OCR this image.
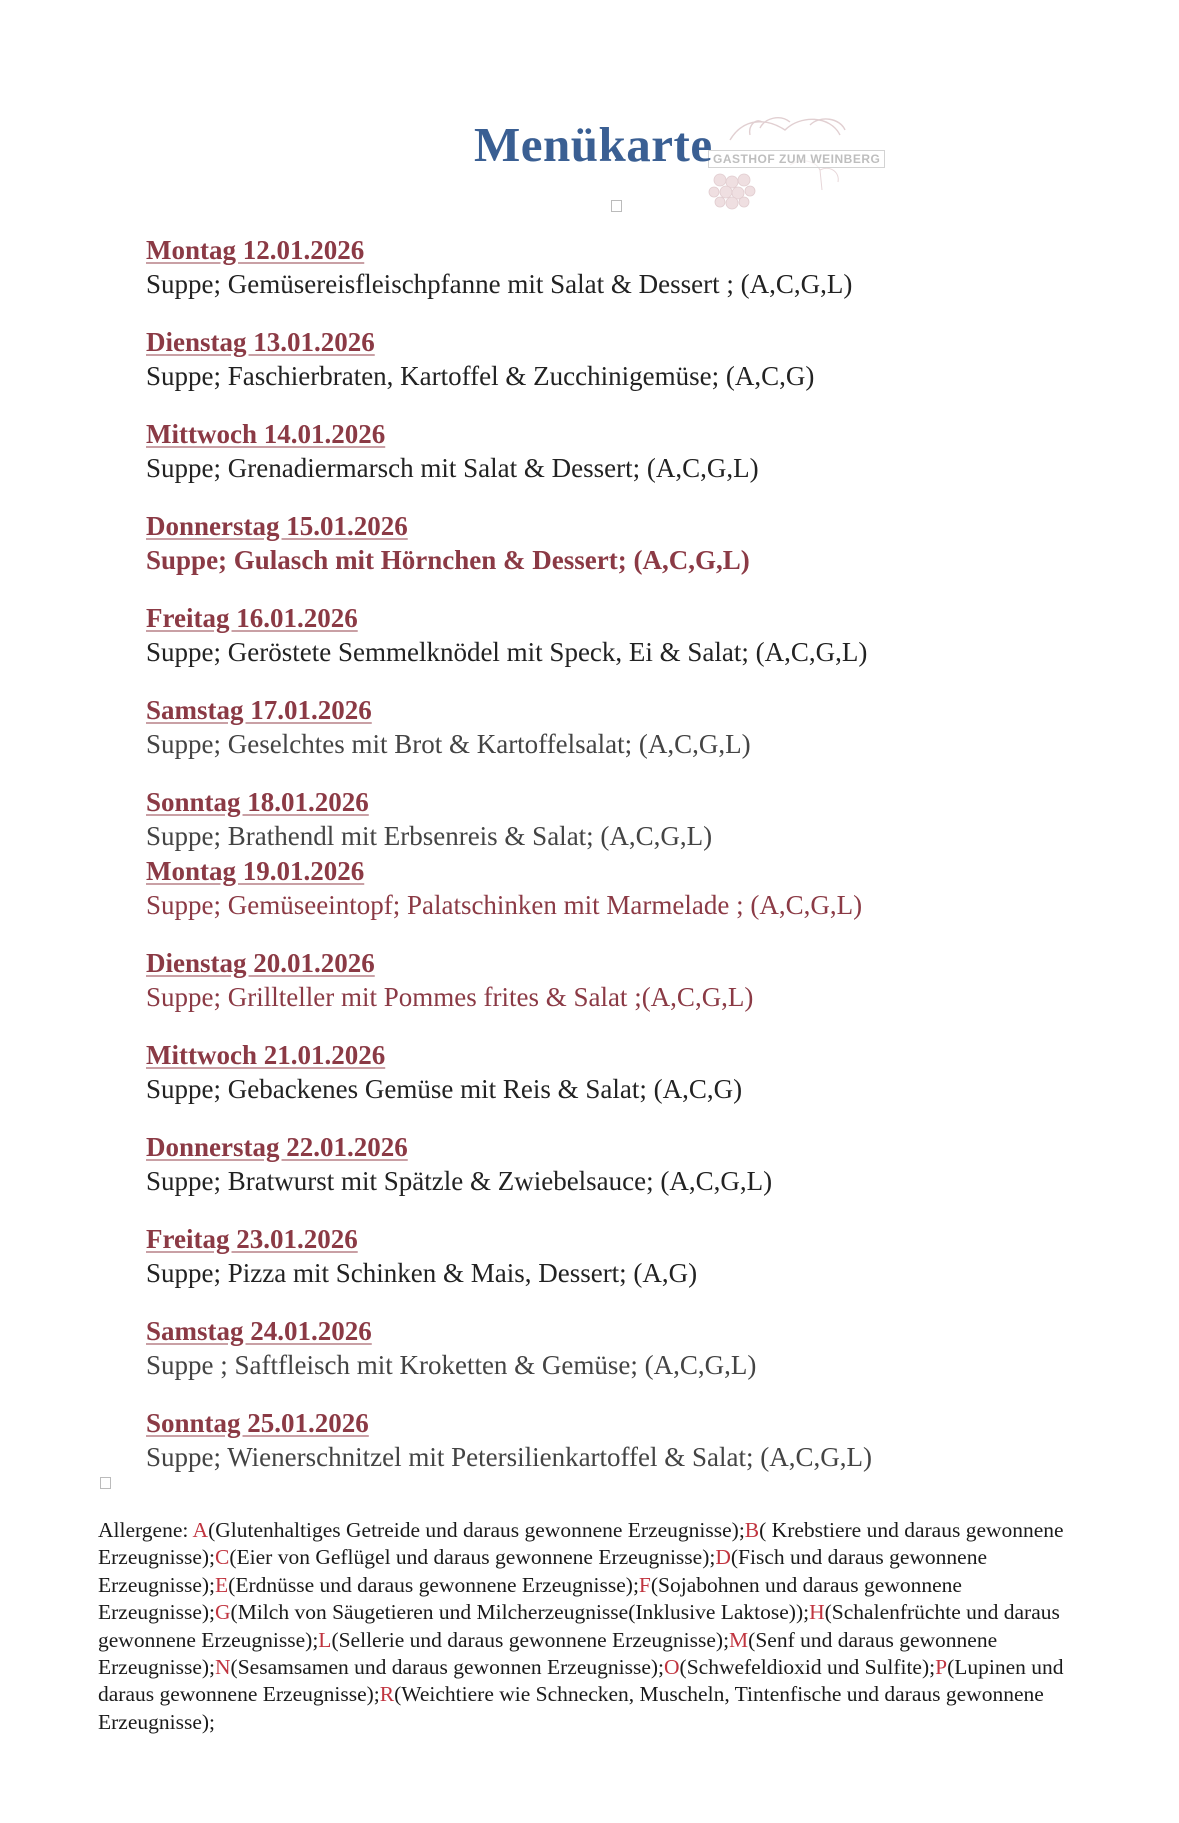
GASTHOF ZUM WEINBERG
Menükarte
Montag 12.01.2026
Suppe; Gemüsereisfleischpfanne mit Salat & Dessert ; (A,C,G,L)
Dienstag 13.01.2026
Suppe; Faschierbraten, Kartoffel & Zucchinigemüse; (A,C,G)
Mittwoch 14.01.2026
Suppe; Grenadiermarsch mit Salat & Dessert; (A,C,G,L)
Donnerstag 15.01.2026
Suppe; Gulasch mit Hörnchen & Dessert; (A,C,G,L)
Freitag 16.01.2026
Suppe; Geröstete Semmelknödel mit Speck, Ei & Salat; (A,C,G,L)
Samstag 17.01.2026
Suppe; Geselchtes mit Brot & Kartoffelsalat; (A,C,G,L)
Sonntag 18.01.2026
Suppe; Brathendl mit Erbsenreis & Salat; (A,C,G,L)
Montag 19.01.2026
Suppe; Gemüseeintopf; Palatschinken mit Marmelade ; (A,C,G,L)
Dienstag 20.01.2026
Suppe; Grillteller mit Pommes frites & Salat ;(A,C,G,L)
Mittwoch 21.01.2026
Suppe; Gebackenes Gemüse mit Reis & Salat; (A,C,G)
Donnerstag 22.01.2026
Suppe; Bratwurst mit Spätzle & Zwiebelsauce; (A,C,G,L)
Freitag 23.01.2026
Suppe; Pizza mit Schinken & Mais, Dessert; (A,G)
Samstag 24.01.2026
Suppe ; Saftfleisch mit Kroketten & Gemüse; (A,C,G,L)
Sonntag 25.01.2026
Suppe; Wienerschnitzel mit Petersilienkartoffel & Salat; (A,C,G,L)
Allergene: A(Glutenhaltiges Getreide und daraus gewonnene Erzeugnisse);B( Krebstiere und daraus gewonnene Erzeugnisse);C(Eier von Geflügel und daraus gewonnene Erzeugnisse);D(Fisch und daraus gewonnene Erzeugnisse);E(Erdnüsse und daraus gewonnene Erzeugnisse);F(Sojabohnen und daraus gewonnene Erzeugnisse);G(Milch von Säugetieren und Milcherzeugnisse(Inklusive Laktose));H(Schalenfrüchte und daraus gewonnene Erzeugnisse);L(Sellerie und daraus gewonnene Erzeugnisse);M(Senf und daraus gewonnene Erzeugnisse);N(Sesamsamen und daraus gewonnen Erzeugnisse);O(Schwefeldioxid und Sulfite);P(Lupinen und daraus gewonnene Erzeugnisse);R(Weichtiere wie Schnecken, Muscheln, Tintenfische und daraus gewonnene Erzeugnisse);
